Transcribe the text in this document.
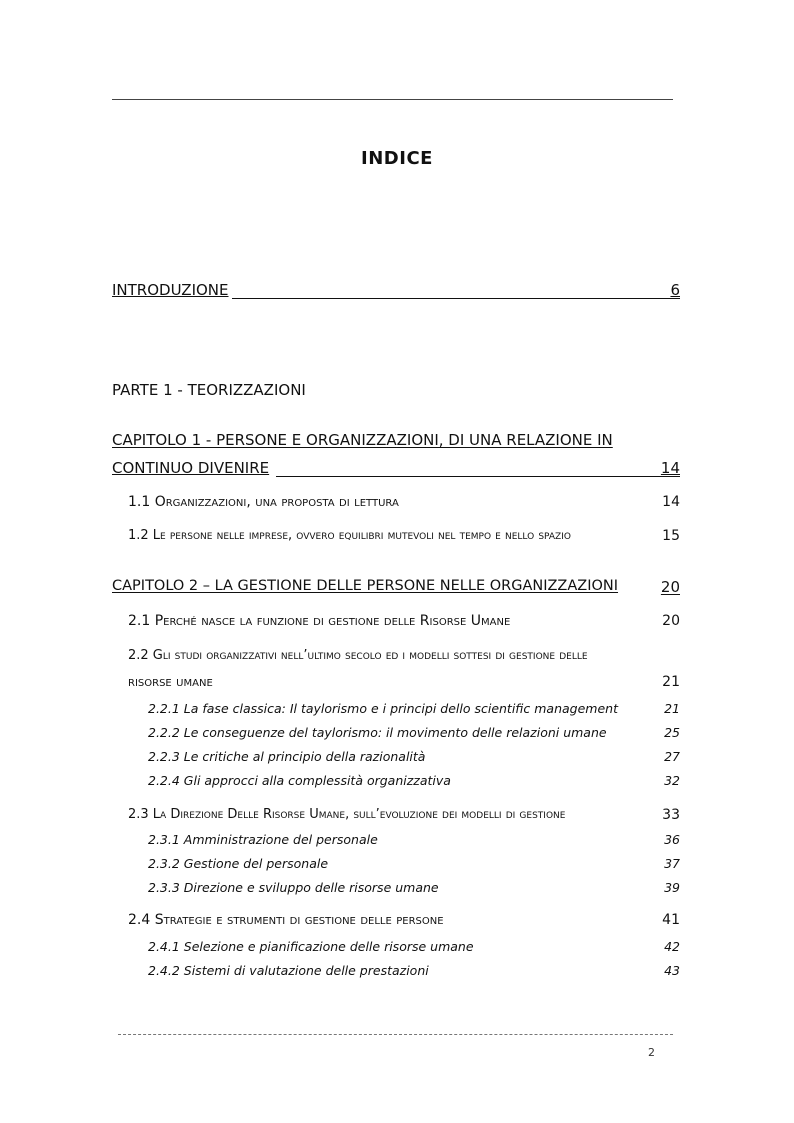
INDICE
INTRODUZIONE	6
PARTE 1 - TEORIZZAZIONI
CAPITOLO 1 - PERSONE E ORGANIZZAZIONI, DI UNA RELAZIONE IN
CONTINUO DIVENIRE	14
1.1 Organizzazioni, una proposta di lettura	14
1.2 Le persone nelle imprese, ovvero equilibri mutevoli nel tempo e nello spazio	15
CAPITOLO 2 – LA GESTIONE DELLE PERSONE NELLE ORGANIZZAZIONI	20
2.1 Perché nasce la funzione di gestione delle Risorse Umane	20
2.2 Gli studi organizzativi nell’ultimo secolo ed i modelli sottesi di gestione delle
risorse umane	21
2.2.1 La fase classica: Il taylorismo e i principi dello scientific management	21
2.2.2 Le conseguenze del taylorismo: il movimento delle relazioni umane	25
2.2.3 Le critiche al principio della razionalità	27
2.2.4 Gli approcci alla complessità organizzativa	32
2.3 La Direzione Delle Risorse Umane, sull’evoluzione dei modelli di gestione	33
2.3.1 Amministrazione del personale	36
2.3.2 Gestione del personale	37
2.3.3 Direzione e sviluppo delle risorse umane	39
2.4 Strategie e strumenti di gestione delle persone	41
2.4.1 Selezione e pianificazione delle risorse umane	42
2.4.2 Sistemi di valutazione delle prestazioni	43
2
